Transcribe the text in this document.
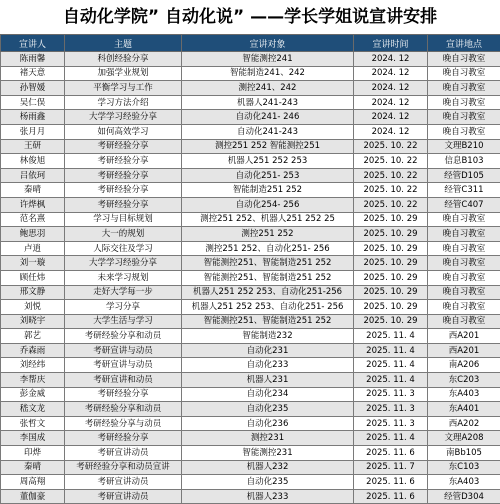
自动化学院” 自动化说” ——学长学姐说宣讲安排
宣讲人	主题	宣讲对象	宣讲时间	宣讲地点
陈雨馨	科创经验分享	智能测控241	2024. 12	晚自习教室
褚天意	加强学业规划	智能制造241、242	2024. 12	晚自习教室
孙智媛	平衡学习与工作	测控241、242	2024. 12	晚自习教室
吴仁俣	学习方法介绍	机器人241-243	2024. 12	晚自习教室
杨雨鑫	大学学习经验分享	自动化241- 246	2024. 12	晚自习教室
张月月	如何高效学习	自动化241-243	2024. 12	晚自习教室
王研	考研经验分享	测控251 252 智能测控251	2025. 10. 22	文理B210
林俊旭	考研经验分享	机器人251 252 253	2025. 10. 22	信息B103
吕依珂	考研经验分享	自动化251- 253	2025. 10. 22	经管D105
秦晴	考研经验分享	智能制造251 252	2025. 10. 22	经管C311
许烨枫	考研经验分享	自动化254- 256	2025. 10. 22	经管C407
范名熹	学习与目标规划	测控251 252、机器人251 252 25	2025. 10. 29	晚自习教室
鲍思羽	大一的规划	测控251 252	2025. 10. 29	晚自习教室
卢逍	人际交往及学习	测控251 252、自动化251- 256	2025. 10. 29	晚自习教室
刘一璇	大学学习经验分享	智能测控251、智能制造251 252	2025. 10. 29	晚自习教室
顾任炜	未来学习规划	智能测控251、智能制造251 252	2025. 10. 29	晚自习教室
邢文静	走好大学每一步	机器人251 252 253、自动化251-256	2025. 10. 29	晚自习教室
刘悦	学习分享	机器人251 252 253、自动化251- 256	2025. 10. 29	晚自习教室
刘晓宇	大学生活与学习	智能测控251、智能制造251 252	2025. 10. 29	晚自习教室
郭艺	考研经验分享和动员	智能制造232	2025. 11. 4	西A201
乔森雨	考研宣讲与动员	自动化231	2025. 11. 4	西A201
刘经纬	考研宣讲与动员	自动化233	2025. 11. 4	南A206
李帮庆	考研宣讲和动员	机器人231	2025. 11. 4	东C203
彭金威	考研经验分享	自动化234	2025. 11. 3	东A403
嵇文龙	考研经验分享和动员	自动化235	2025. 11. 3	东A401
张哲文	考研经验分享与动员	自动化236	2025. 11. 3	西A202
李国成	考研经验分享	测控231	2025. 11. 4	文理A208
印烨	考研宣讲动员	智能测控231	2025. 11. 6	南Bb105
秦晴	考研经验分享和动员宣讲	机器人232	2025. 11. 7	东C103
周高翔	考研宣讲动员	自动化235	2025. 11. 6	东A403
董伽豪	考研宣讲动员	机器人233	2025. 11. 6	经管D304
